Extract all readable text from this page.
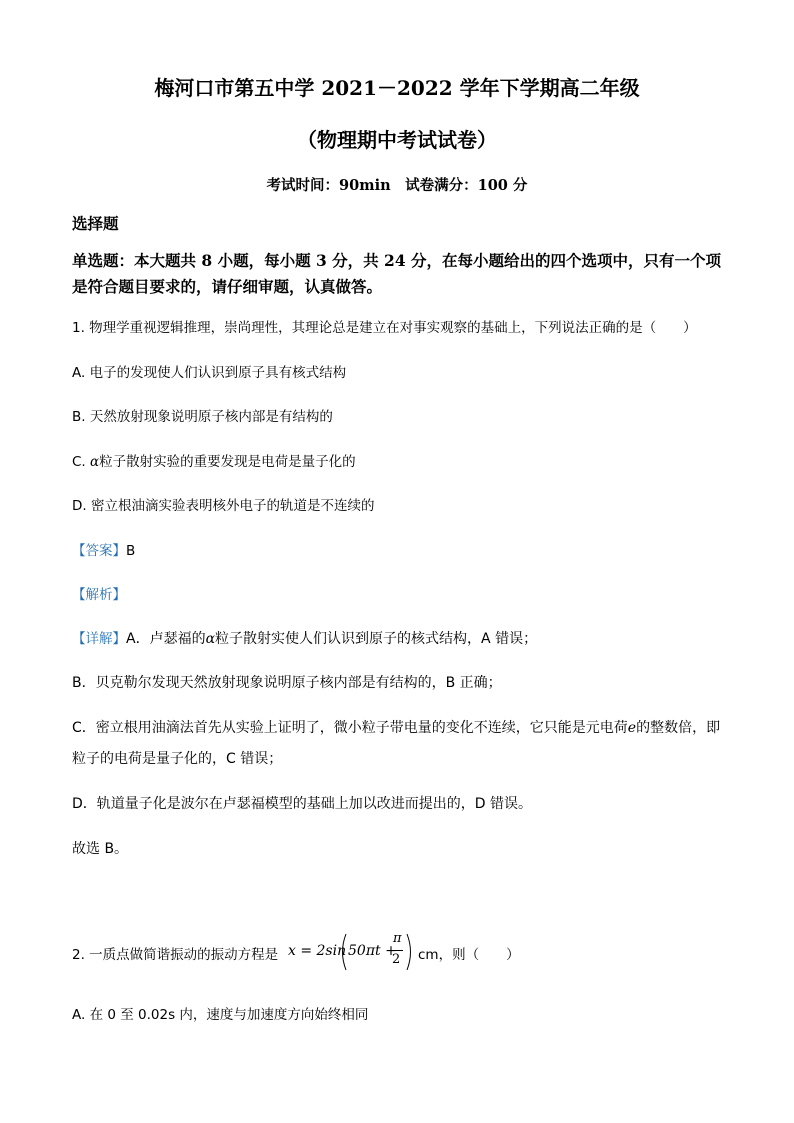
梅河口市第五中学 2021－2022 学年下学期高二年级
（物理期中考试试卷）
考试时间：90min　试卷满分：100 分
选择题
单选题：本大题共 8 小题，每小题 3 分，共 24 分，在每小题给出的四个选项中，只有一个项
是符合题目要求的，请仔细审题，认真做答。
1. 物理学重视逻辑推理，崇尚理性，其理论总是建立在对事实观察的基础上，下列说法正确的是（　　）
A. 电子的发现使人们认识到原子具有核式结构
B. 天然放射现象说明原子核内部是有结构的
C. α粒子散射实验的重要发现是电荷是量子化的
D. 密立根油滴实验表明核外电子的轨道是不连续的
【答案】B
【解析】
【详解】A．卢瑟福的α粒子散射实使人们认识到原子的核式结构，A 错误；
B．贝克勒尔发现天然放射现象说明原子核内部是有结构的，B 正确；
C．密立根用油滴法首先从实验上证明了，微小粒子带电量的变化不连续，它只能是元电荷e的整数倍，即
粒子的电荷是量子化的，C 错误；
D．轨道量子化是波尔在卢瑟福模型的基础上加以改进而提出的，D 错误。
故选 B。
2. 一质点做简谐振动的振动方程是 x = 2sin 50πt +
π
2 cm，则（　　）
A. 在 0 至 0.02s 内，速度与加速度方向始终相同
